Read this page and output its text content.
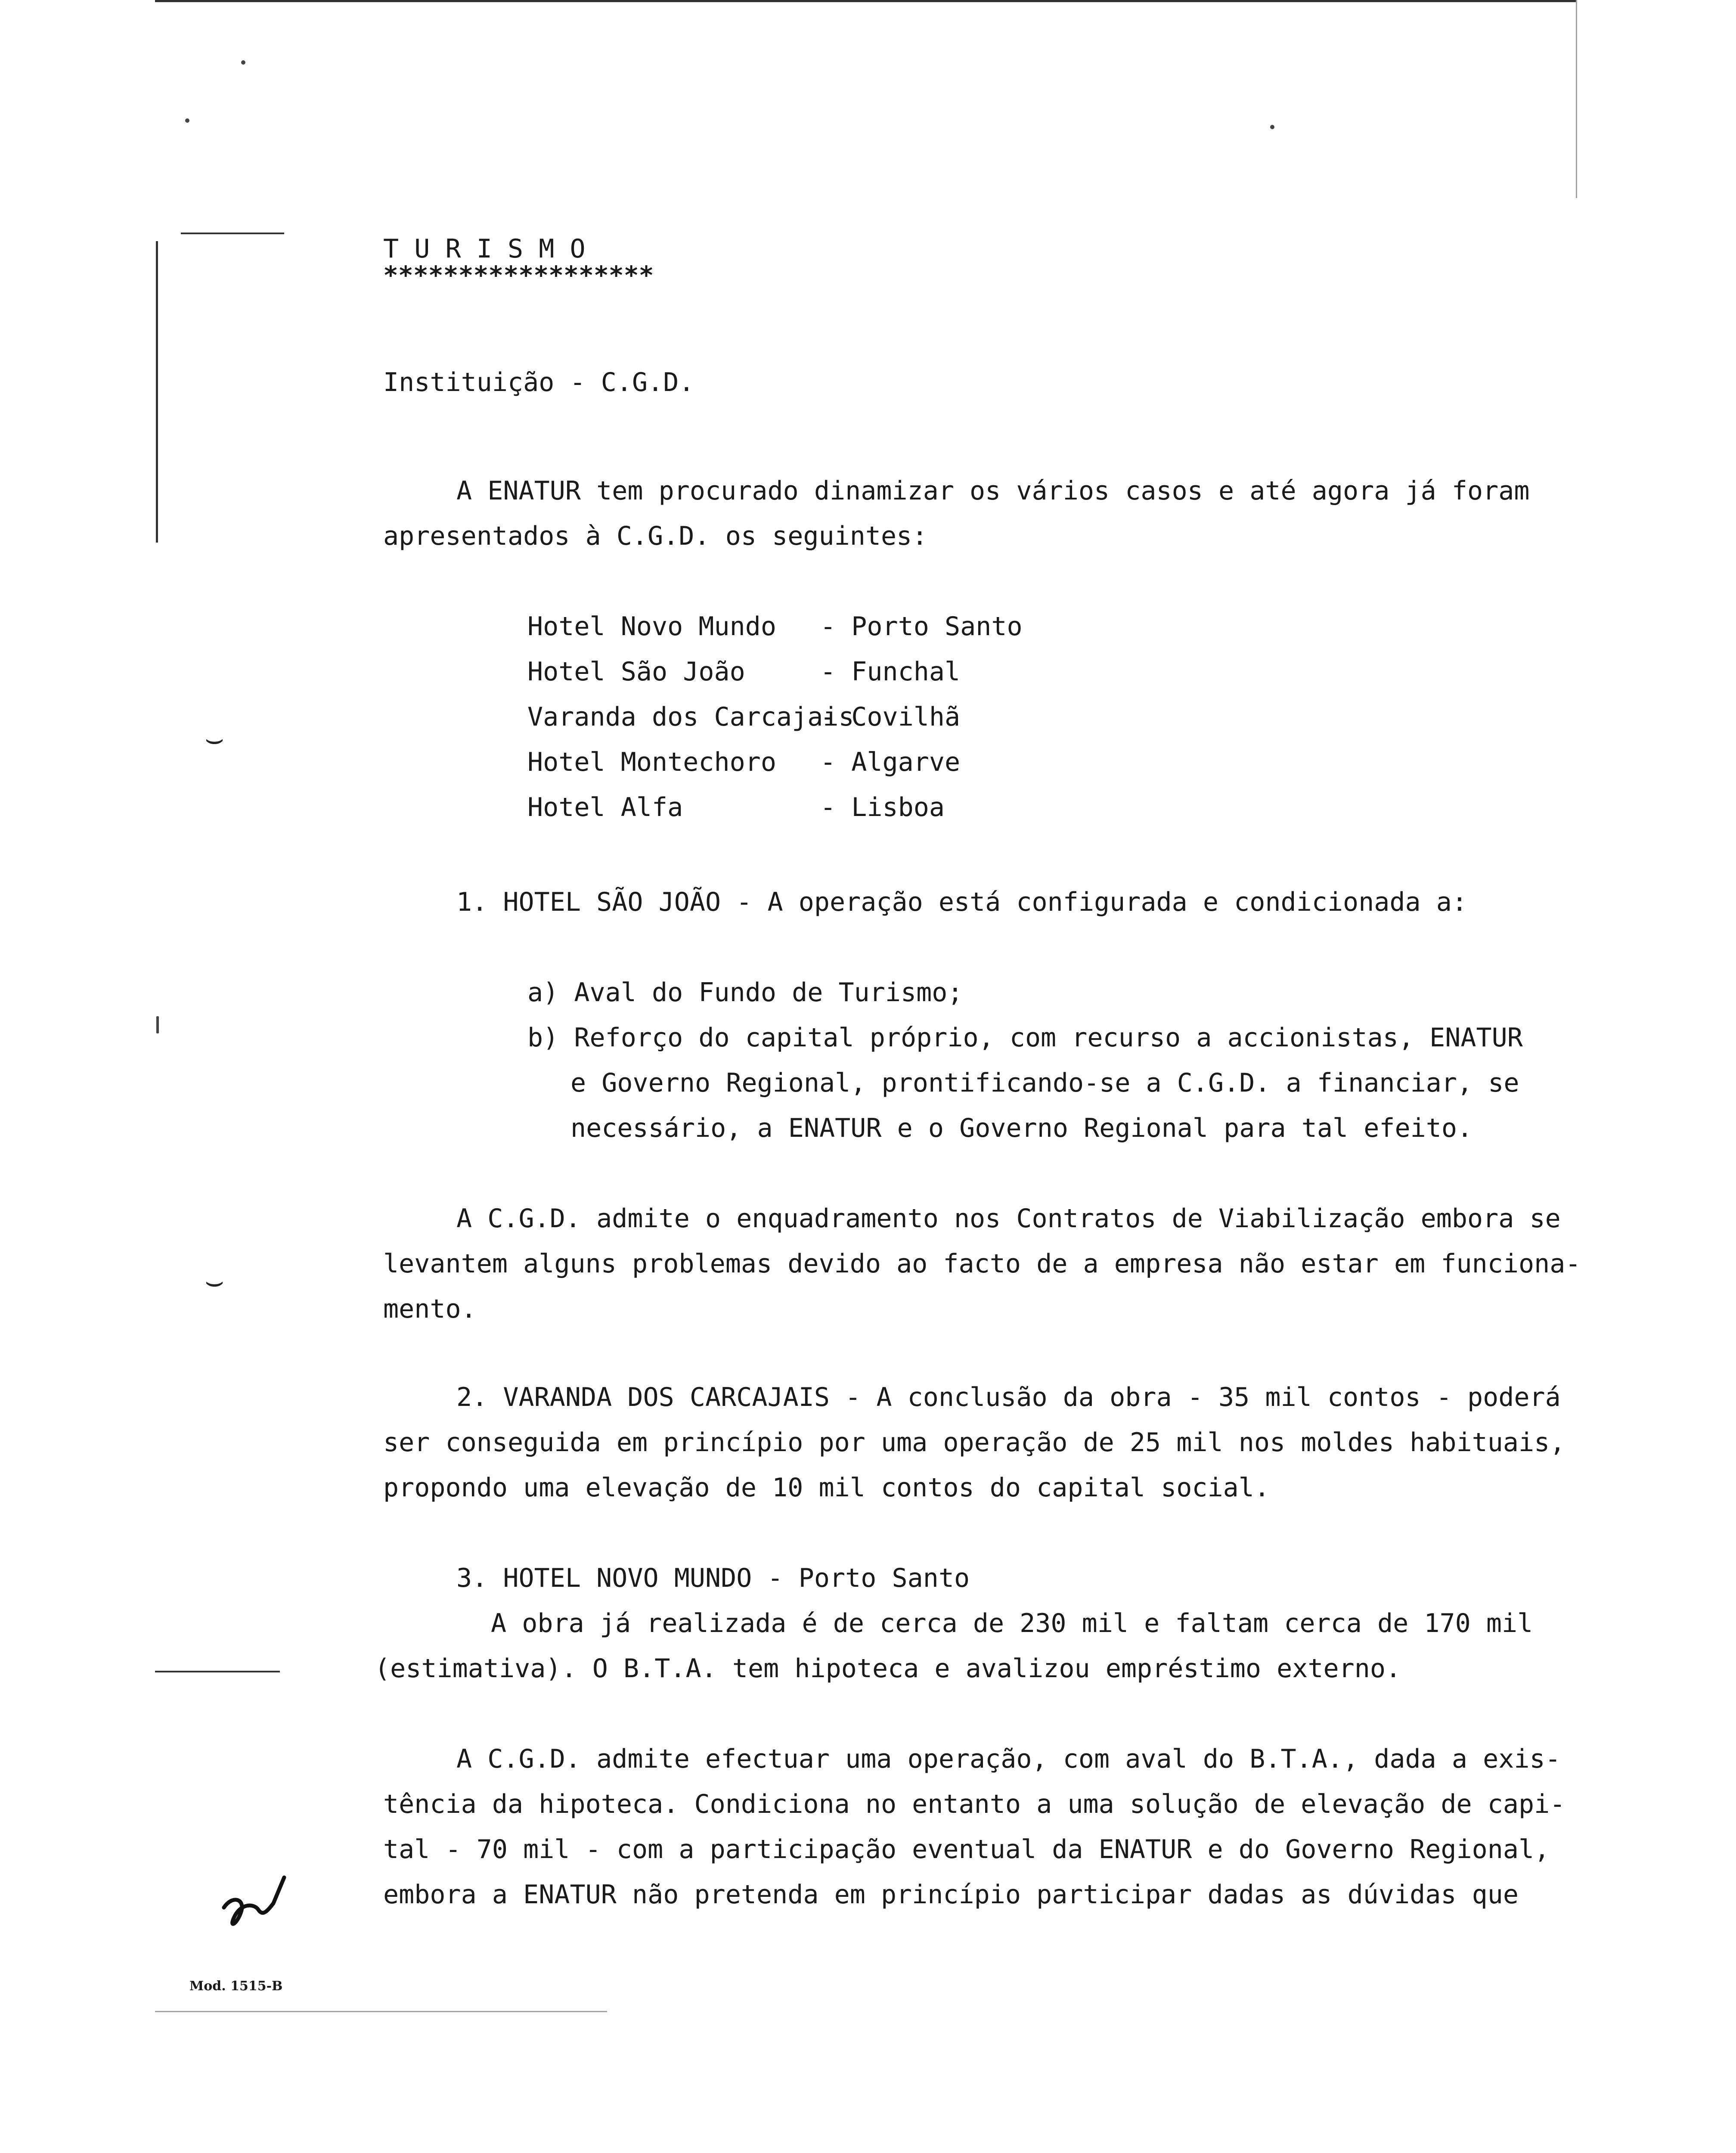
⌣
⌣
T U R I S M O
******************
Instituição - C.G.D.
A ENATUR tem procurado dinamizar os vários casos e até agora já foram
apresentados à C.G.D. os seguintes:
Hotel Novo Mundo - Porto Santo
Hotel São João	- Funchal
Varanda dos Carcajais
- Covilhã
Hotel Montechoro - Algarve
Hotel Alfa	- Lisboa
1. HOTEL SÃO JOÃO - A operação está configurada e condicionada a:
a) Aval do Fundo de Turismo;
b) Reforço do capital próprio, com recurso a accionistas, ENATUR
e Governo Regional, prontificando-se a C.G.D. a financiar, se
necessário, a ENATUR e o Governo Regional para tal efeito.
A C.G.D. admite o enquadramento nos Contratos de Viabilização embora se
levantem alguns problemas devido ao facto de a empresa não estar em funciona-
mento.
2. VARANDA DOS CARCAJAIS - A conclusão da obra - 35 mil contos - poderá
ser conseguida em princípio por uma operação de 25 mil nos moldes habituais,
propondo uma elevação de 10 mil contos do capital social.
3. HOTEL NOVO MUNDO - Porto Santo
A obra já realizada é de cerca de 230 mil e faltam cerca de 170 mil
(estimativa). O B.T.A. tem hipoteca e avalizou empréstimo externo.
A C.G.D. admite efectuar uma operação, com aval do B.T.A., dada a exis-
tência da hipoteca. Condiciona no entanto a uma solução de elevação de capi-
tal - 70 mil - com a participação eventual da ENATUR e do Governo Regional,
embora a ENATUR não pretenda em princípio participar dadas as dúvidas que
Mod. 1515-B
